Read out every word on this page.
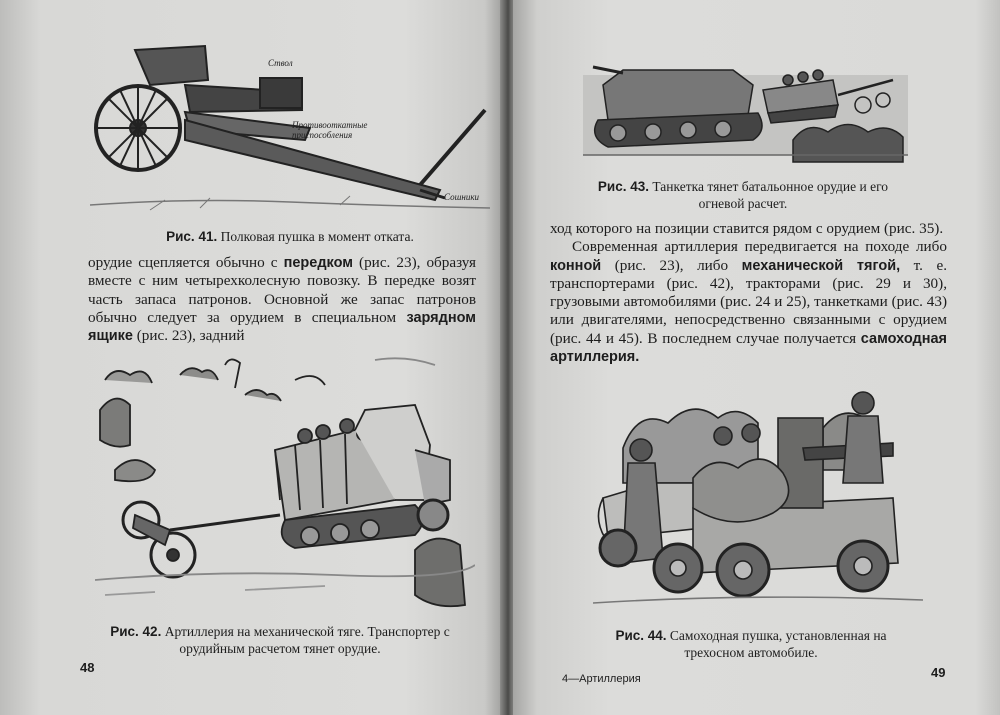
Ствол
Противооткатные приспособления
Сошники
Рис. 41. Полковая пушка в момент отката.

орудие сцепляется обычно с передком (рис. 23), образуя вместе с ним четырехколесную повозку. В передке возят часть запаса патронов. Основной же запас патронов обычно следует за орудием в специальном зарядном ящике (рис. 23), задний

Рис. 42. Артиллерия на механической тяге. Транспортер с орудийным расчетом тянет орудие.
48
Рис. 43. Танкетка тянет батальонное орудие и его огневой расчет.

ход которого на позиции ставится рядом с орудием (рис. 35).

Современная артиллерия передвигается на походе либо конной (рис. 23), либо механической тягой, т. е. транспортерами (рис. 42), тракторами (рис. 29 и 30), грузовыми автомобилями (рис. 24 и 25), танкетками (рис. 43) или двигателями, непосредственно связанными с орудием (рис. 44 и 45). В последнем случае получается самоходная артиллерия.

Рис. 44. Самоходная пушка, установленная на трехосном автомобиле.
4—Артиллерия	49
